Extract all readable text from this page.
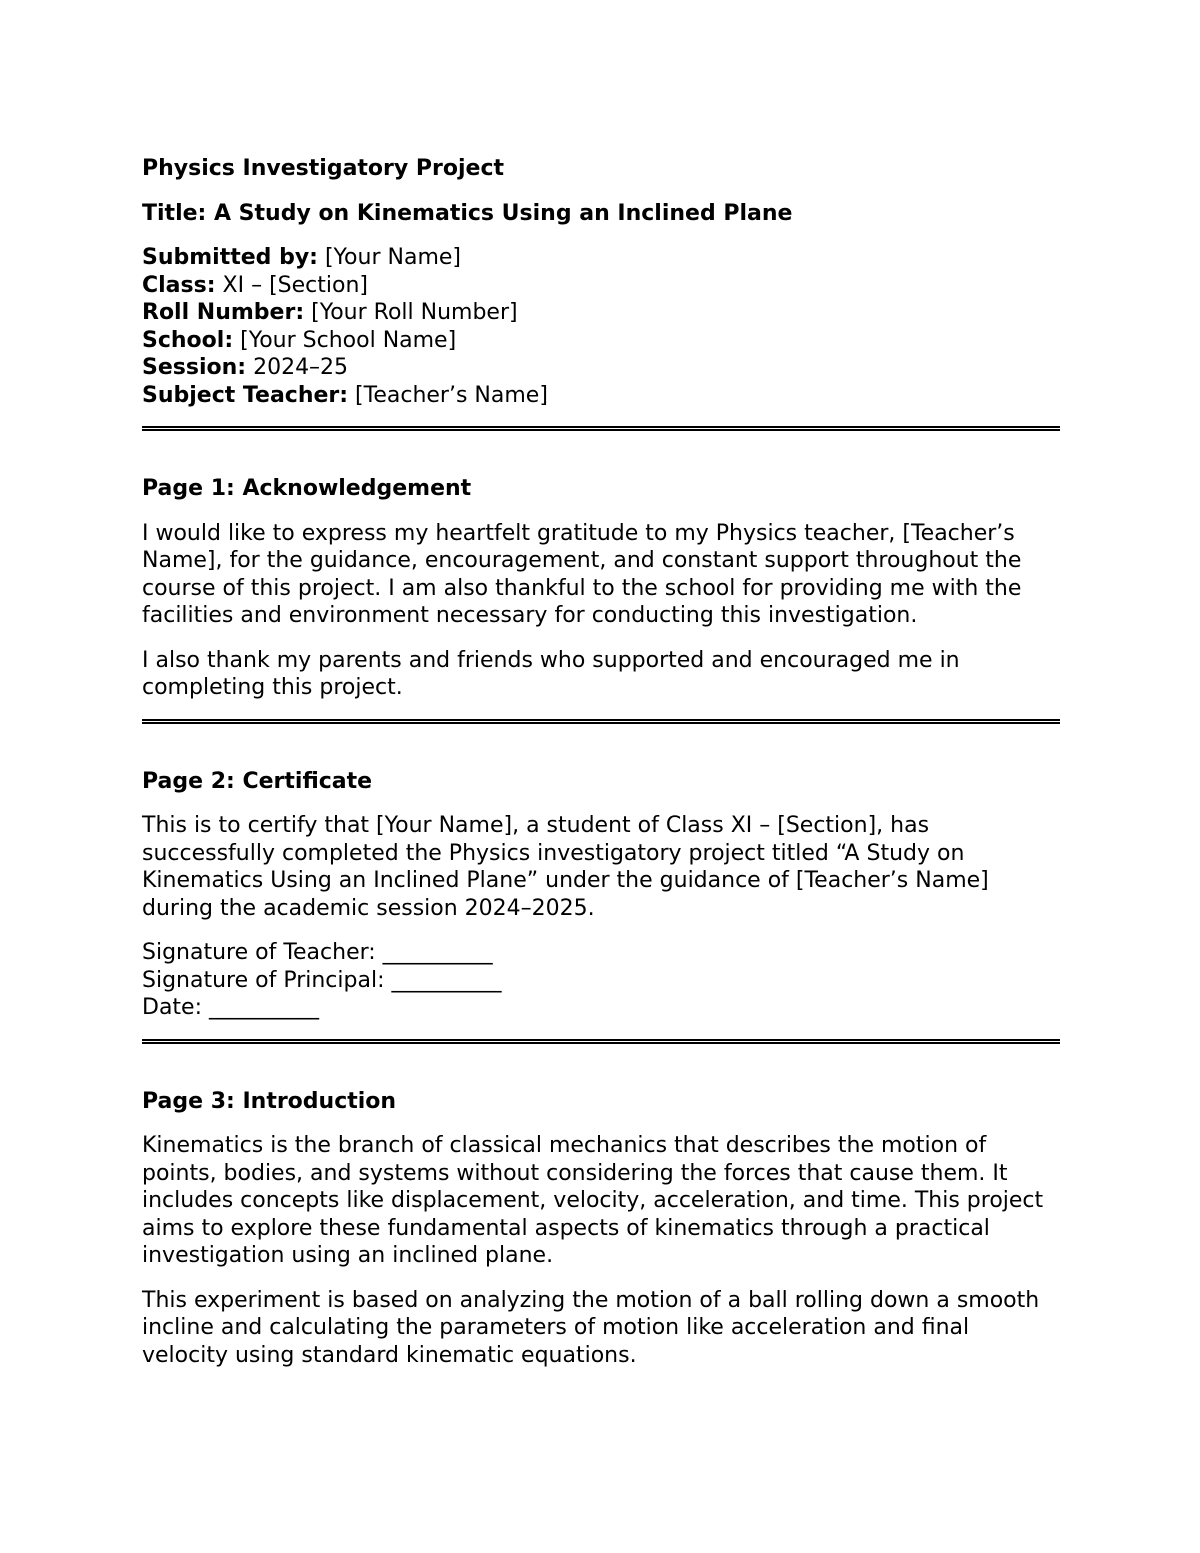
Physics Investigatory Project

Title: A Study on Kinematics Using an Inclined Plane

Submitted by: [Your Name]

Class: XI – [Section]

Roll Number: [Your Roll Number]

School: [Your School Name]

Session: 2024–25

Subject Teacher: [Teacher’s Name]

Page 1: Acknowledgement

I would like to express my heartfelt gratitude to my Physics teacher, [Teacher’s Name], for the guidance, encouragement, and constant support throughout the course of this project. I am also thankful to the school for providing me with the facilities and environment necessary for conducting this investigation.

I also thank my parents and friends who supported and encouraged me in completing this project.

Page 2: Certificate

This is to certify that [Your Name], a student of Class XI – [Section], has successfully completed the Physics investigatory project titled “A Study on Kinematics Using an Inclined Plane” under the guidance of [Teacher’s Name] during the academic session 2024–2025.

Signature of Teacher: __________

Signature of Principal: __________

Date: __________

Page 3: Introduction

Kinematics is the branch of classical mechanics that describes the motion of points, bodies, and systems without considering the forces that cause them. It includes concepts like displacement, velocity, acceleration, and time. This project aims to explore these fundamental aspects of kinematics through a practical investigation using an inclined plane.

This experiment is based on analyzing the motion of a ball rolling down a smooth incline and calculating the parameters of motion like acceleration and final velocity using standard kinematic equations.
